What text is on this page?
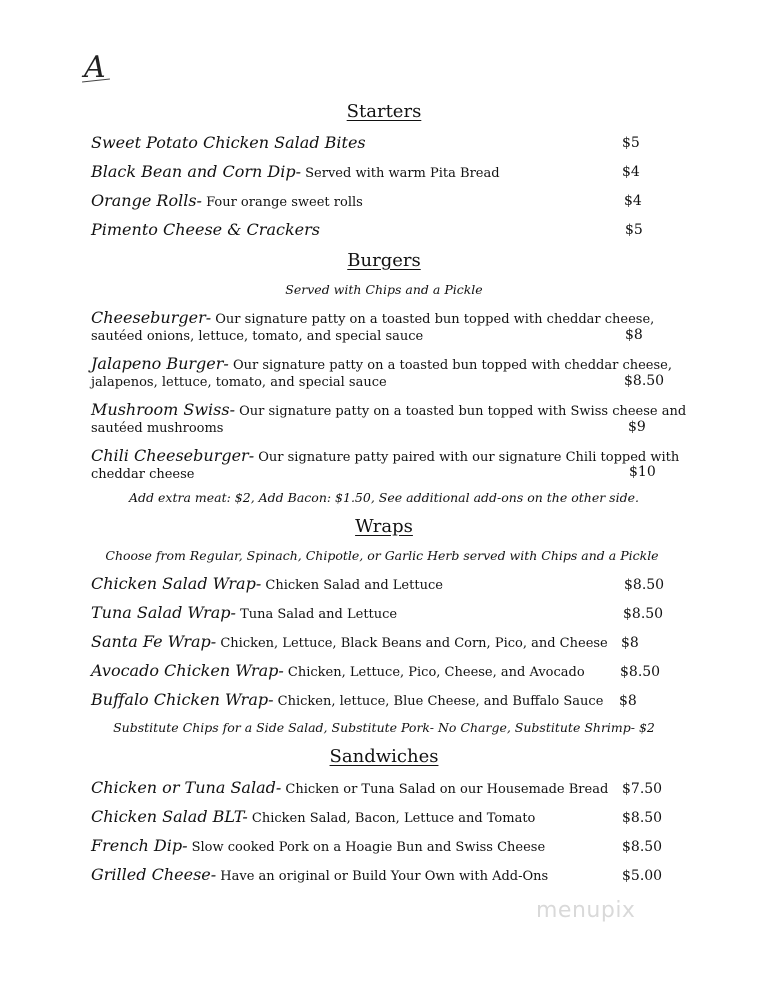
A
Starters
Sweet Potato Chicken Salad Bites	$5
Black Bean and Corn Dip- Served with warm Pita Bread	$4
Orange Rolls- Four orange sweet rolls	$4
Pimento Cheese & Crackers	$5
Burgers
Served with Chips and a Pickle
Cheeseburger- Our signature patty on a toasted bun topped with cheddar cheese,
sautéed onions, lettuce, tomato, and special sauce	$8
Jalapeno Burger- Our signature patty on a toasted bun topped with cheddar cheese,
jalapenos, lettuce, tomato, and special sauce	$8.50
Mushroom Swiss- Our signature patty on a toasted bun topped with Swiss cheese and
sautéed mushrooms	$9
Chili Cheeseburger- Our signature patty paired with our signature Chili topped with
cheddar cheese	$10
Add extra meat: $2, Add Bacon: $1.50, See additional add-ons on the other side.
Wraps
Choose from Regular, Spinach, Chipotle, or Garlic Herb served with Chips and a Pickle
Chicken Salad Wrap- Chicken Salad and Lettuce	$8.50
Tuna Salad Wrap- Tuna Salad and Lettuce	$8.50
Santa Fe Wrap- Chicken, Lettuce, Black Beans and Corn, Pico, and Cheese $8
Avocado Chicken Wrap- Chicken, Lettuce, Pico, Cheese, and Avocado	$8.50
Buffalo Chicken Wrap- Chicken, lettuce, Blue Cheese, and Buffalo Sauce	$8
Substitute Chips for a Side Salad, Substitute Pork- No Charge, Substitute Shrimp- $2
Sandwiches
Chicken or Tuna Salad- Chicken or Tuna Salad on our Housemade Bread $7.50
Chicken Salad BLT- Chicken Salad, Bacon, Lettuce and Tomato	$8.50
French Dip- Slow cooked Pork on a Hoagie Bun and Swiss Cheese	$8.50
Grilled Cheese- Have an original or Build Your Own with Add-Ons	$5.00
menupix
